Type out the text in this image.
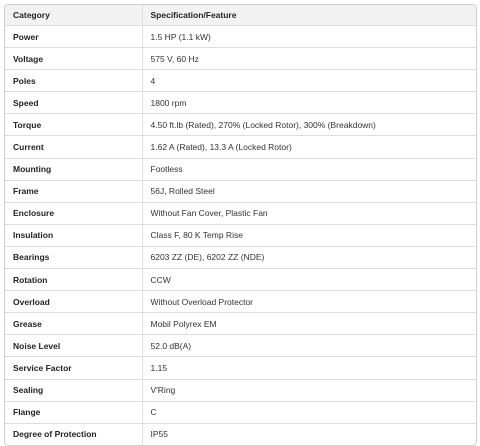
Category	Specification/Feature
Power	1.5 HP (1.1 kW)
Voltage	575 V, 60 Hz
Poles	4
Speed	1800 rpm
Torque	4.50 ft.lb (Rated), 270% (Locked Rotor), 300% (Breakdown)
Current	1.62 A (Rated), 13.3 A (Locked Rotor)
Mounting	Footless
Frame	56J, Rolled Steel
Enclosure	Without Fan Cover, Plastic Fan
Insulation	Class F, 80 K Temp Rise
Bearings	6203 ZZ (DE), 6202 ZZ (NDE)
Rotation	CCW
Overload	Without Overload Protector
Grease	Mobil Polyrex EM
Noise Level	52.0 dB(A)
Service Factor	1.15
Sealing	V'Ring
Flange	C
Degree of Protection	IP55
